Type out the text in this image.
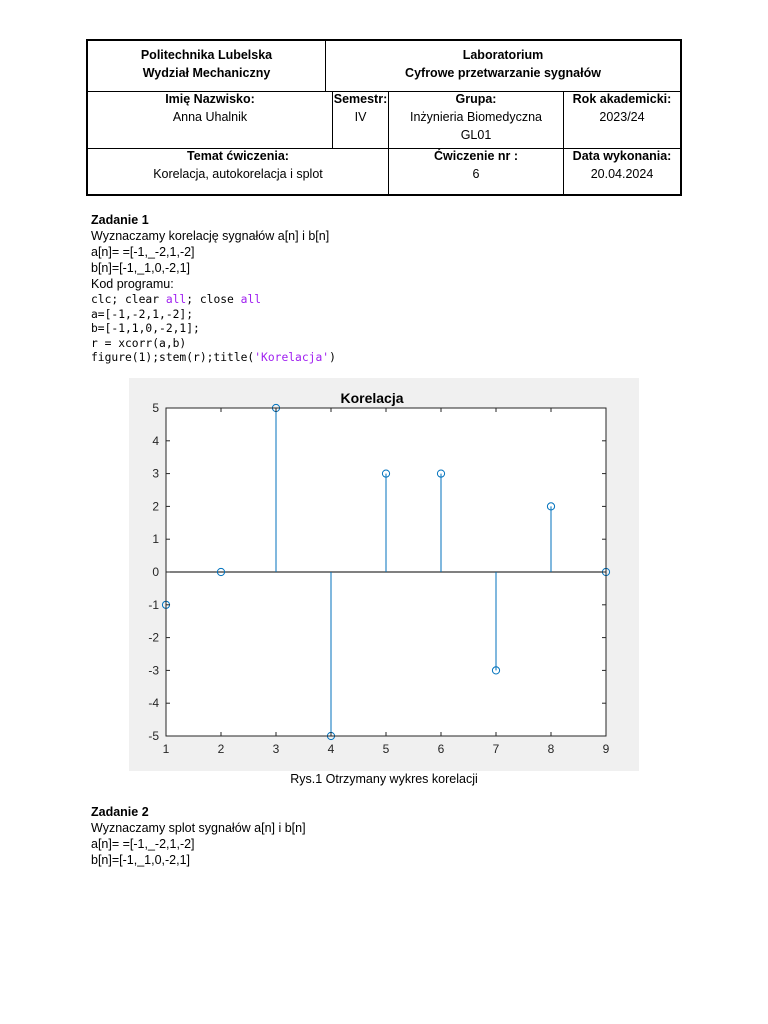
Politechnika Lubelska
Wydział Mechaniczny
Laboratorium
Cyfrowe przetwarzanie sygnałów
Imię Nazwisko:
Anna Uhalnik
Semestr:
IV
Grupa:
Inżynieria Biomedyczna
GL01
Rok akademicki:
2023/24
Temat ćwiczenia:
Korelacja, autokorelacja i splot
Ćwiczenie nr :
6
Data wykonania:
20.04.2024
Zadanie 1
Wyznaczamy korelację sygnałów a[n] i b[n]
a[n]= =[-1,_-2,1,-2]
b[n]=[-1,_1,0,-2,1]
Kod programu:
clc; clear all; close all
a=[-1,-2,1,-2];
b=[-1,1,0,-2,1];
r = xcorr(a,b)
figure(1);stem(r);title('Korelacja')
1	2	3	4	5	6	7	8	9
5
4
3
2
1
0
-1
-2
-3
-4
-5
Korelacja
Rys.1 Otrzymany wykres korelacji
Zadanie 2
Wyznaczamy splot sygnałów a[n] i b[n]
a[n]= =[-1,_-2,1,-2]
b[n]=[-1,_1,0,-2,1]
